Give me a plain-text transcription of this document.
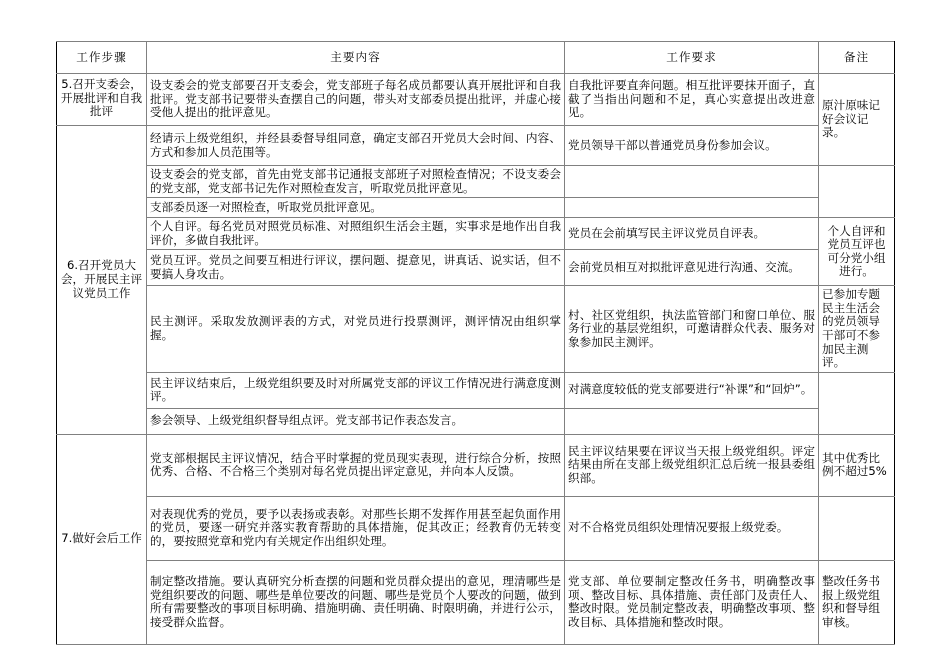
工作步骤	主要内容	工作要求	备注
5.召开支委会，开展批评和自我批评	设支委会的党支部要召开支委会，党支部班子每名成员都要认真开展批评和自我批评。党支部书记要带头查摆自己的问题，带头对支部委员提出批评，并虚心接受他人提出的批评意见。	自我批评要直奔问题。相互批评要抹开面子，直截了当指出问题和不足，真心实意提出改进意见。	原汁原味记好会议记录。
6.召开党员大会，开展民主评议党员工作	经请示上级党组织，并经县委督导组同意，确定支部召开党员大会时间、内容、方式和参加人员范围等。	党员领导干部以普通党员身份参加会议。	
	设支委会的党支部，首先由党支部书记通报支部班子对照检查情况；不设支委会的党支部，党支部书记先作对照检查发言，听取党员批评意见。		
	支部委员逐一对照检查，听取党员批评意见。		
	个人自评。每名党员对照党员标准、对照组织生活会主题，实事求是地作出自我评价，多做自我批评。	党员在会前填写民主评议党员自评表。	个人自评和党员互评也可分党小组进行。
	党员互评。党员之间要互相进行评议，摆问题、提意见，讲真话、说实话，但不要搞人身攻击。	会前党员相互对拟批评意见进行沟通、交流。	
	民主测评。采取发放测评表的方式，对党员进行投票测评，测评情况由组织掌握。	村、社区党组织，执法监管部门和窗口单位、服务行业的基层党组织，可邀请群众代表、服务对象参加民主测评。	已参加专题民主生活会的党员领导干部可不参加民主测评。
	民主评议结束后，上级党组织要及时对所属党支部的评议工作情况进行满意度测评。	对满意度较低的党支部要进行“补课”和“回炉”。	
	参会领导、上级党组织督导组点评。党支部书记作表态发言。		
7.做好会后工作	党支部根据民主评议情况，结合平时掌握的党员现实表现，进行综合分析，按照优秀、合格、不合格三个类别对每名党员提出评定意见，并向本人反馈。	民主评议结果要在评议当天报上级党组织。评定结果由所在支部上级党组织汇总后统一报县委组织部。	其中优秀比例不超过5%
	对表现优秀的党员，要予以表扬或表彰。对那些长期不发挥作用甚至起负面作用的党员，要逐一研究并落实教育帮助的具体措施，促其改正；经教育仍无转变的，要按照党章和党内有关规定作出组织处理。	对不合格党员组织处理情况要报上级党委。	
	制定整改措施。要认真研究分析查摆的问题和党员群众提出的意见，理清哪些是党组织要改的问题、哪些是单位要改的问题、哪些是党员个人要改的问题，做到所有需要整改的事项目标明确、措施明确、责任明确、时限明确，并进行公示，接受群众监督。	党支部、单位要制定整改任务书，明确整改事项、整改目标、具体措施、责任部门及责任人、整改时限。党员制定整改表，明确整改事项、整改目标、具体措施和整改时限。	整改任务书报上级党组织和督导组审核。
